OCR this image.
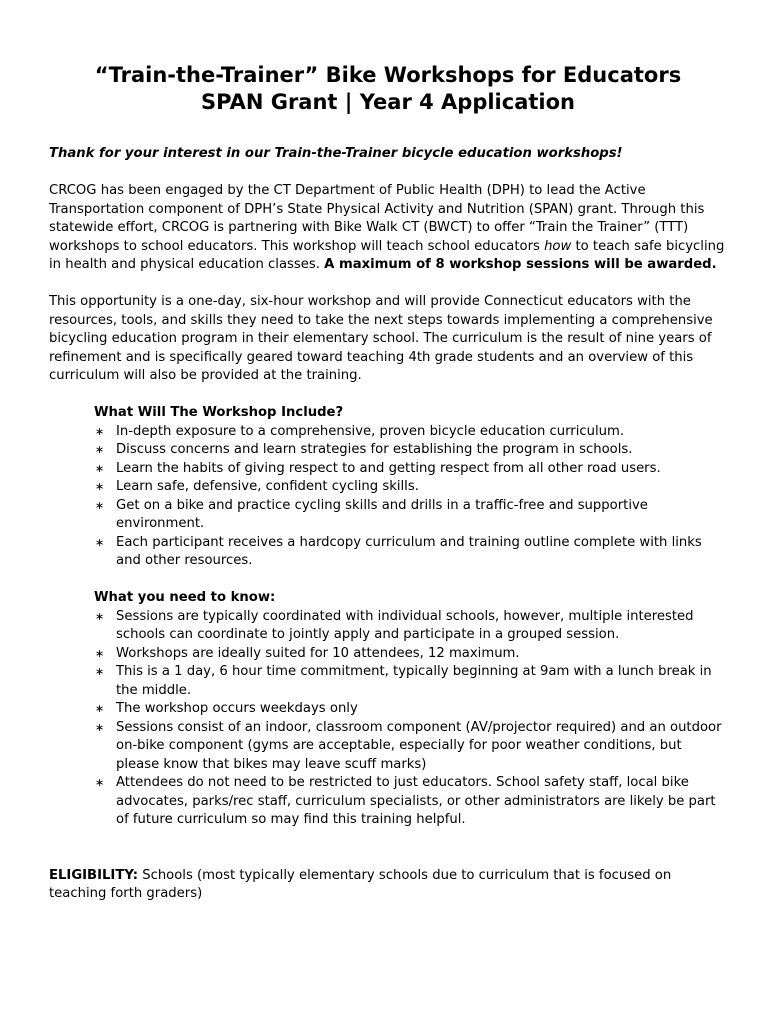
“Train-the-Trainer” Bike Workshops for Educators
SPAN Grant | Year 4 Application
Thank for your interest in our Train-the-Trainer bicycle education workshops!

CRCOG has been engaged by the CT Department of Public Health (DPH) to lead the Active Transportation component of DPH’s State Physical Activity and Nutrition (SPAN) grant. Through this statewide effort, CRCOG is partnering with Bike Walk CT (BWCT) to offer “Train the Trainer” (TTT) workshops to school educators. This workshop will teach school educators how to teach safe bicycling in health and physical education classes. A maximum of 8 workshop sessions will be awarded.

This opportunity is a one-day, six-hour workshop and will provide Connecticut educators with the resources, tools, and skills they need to take the next steps towards implementing a comprehensive bicycling education program in their elementary school. The curriculum is the result of nine years of refinement and is specifically geared toward teaching 4th grade students and an overview of this curriculum will also be provided at the training.

What Will The Workshop Include?
∗ In-depth exposure to a comprehensive, proven bicycle education curriculum.
∗ Discuss concerns and learn strategies for establishing the program in schools.
∗ Learn the habits of giving respect to and getting respect from all other road users.
∗ Learn safe, defensive, confident cycling skills.
∗ Get on a bike and practice cycling skills and drills in a traffic-free and supportive environment.
∗ Each participant receives a hardcopy curriculum and training outline complete with links and other resources.
What you need to know:
∗ Sessions are typically coordinated with individual schools, however, multiple interested schools can coordinate to jointly apply and participate in a grouped session.
∗ Workshops are ideally suited for 10 attendees, 12 maximum.
∗ This is a 1 day, 6 hour time commitment, typically beginning at 9am with a lunch break in the middle.
∗ The workshop occurs weekdays only
∗ Sessions consist of an indoor, classroom component (AV/projector required) and an outdoor on-bike component (gyms are acceptable, especially for poor weather conditions, but please know that bikes may leave scuff marks)
∗ Attendees do not need to be restricted to just educators. School safety staff, local bike advocates, parks/rec staff, curriculum specialists, or other administrators are likely be part of future curriculum so may find this training helpful.

ELIGIBILITY: Schools (most typically elementary schools due to curriculum that is focused on teaching forth graders)
